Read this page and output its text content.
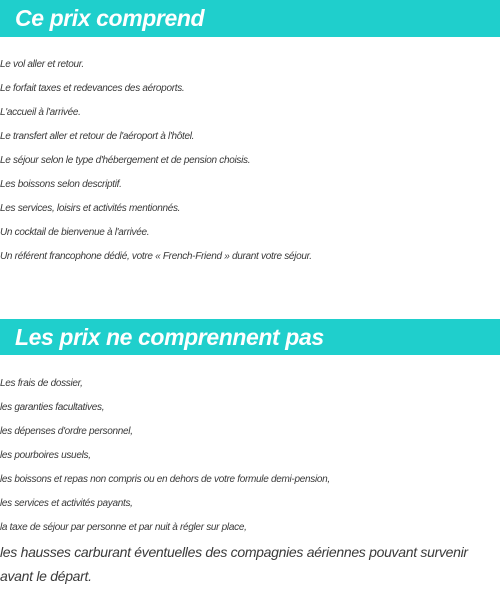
Ce prix comprend
Le vol aller et retour.
Le forfait taxes et redevances des aéroports.
L'accueil à l'arrivée.
Le transfert aller et retour de l'aéroport à l'hôtel.
Le séjour selon le type d'hébergement et de pension choisis.
Les boissons selon descriptif.
Les services, loisirs et activités mentionnés.
Un cocktail de bienvenue à l'arrivée.
Un référent francophone dédié, votre « French-Friend » durant votre séjour.
Les prix ne comprennent pas
Les frais de dossier,
les garanties facultatives,
les dépenses d'ordre personnel,
les pourboires usuels,
les boissons et repas non compris ou en dehors de votre formule demi-pension,
les services et activités payants,
la taxe de séjour par personne et par nuit à régler sur place,
les hausses carburant éventuelles des compagnies aériennes pouvant survenir avant le départ.
